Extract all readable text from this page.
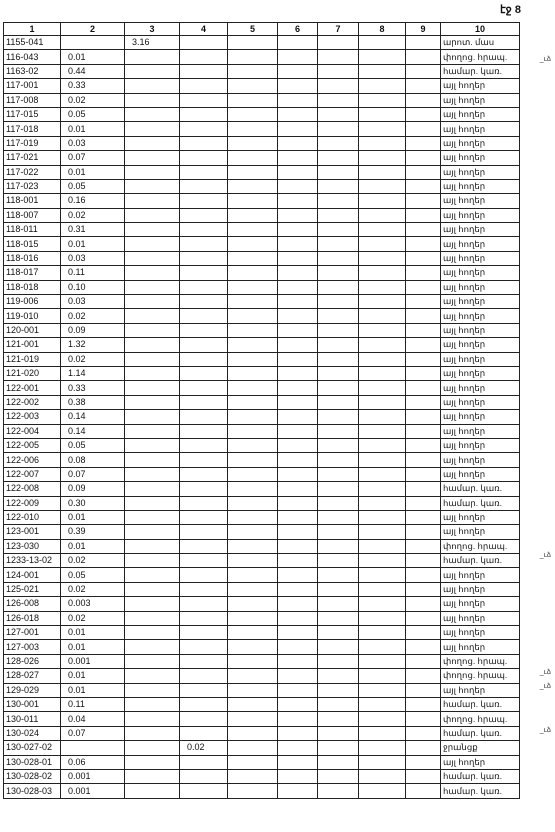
էջ 8
1	2	3	4	5	6	7	8	9	10
1155-041		3.16							արոտ. մաս
116-043	0.01								փողոց. հրապ.
1163-02	0.44								համար. կառ.
117-001	0.33								այլ հողեր
117-008	0.02								այլ հողեր
117-015	0.05								այլ հողեր
117-018	0.01								այլ հողեր
117-019	0.03								այլ հողեր
117-021	0.07								այլ հողեր
117-022	0.01								այլ հողեր
117-023	0.05								այլ հողեր
118-001	0.16								այլ հողեր
118-007	0.02								այլ հողեր
118-011	0.31								այլ հողեր
118-015	0.01								այլ հողեր
118-016	0.03								այլ հողեր
118-017	0.11								այլ հողեր
118-018	0.10								այլ հողեր
119-006	0.03								այլ հողեր
119-010	0.02								այլ հողեր
120-001	0.09								այլ հողեր
121-001	1.32								այլ հողեր
121-019	0.02								այլ հողեր
121-020	1.14								այլ հողեր
122-001	0.33								այլ հողեր
122-002	0.38								այլ հողեր
122-003	0.14								այլ հողեր
122-004	0.14								այլ հողեր
122-005	0.05								այլ հողեր
122-006	0.08								այլ հողեր
122-007	0.07								այլ հողեր
122-008	0.09								համար. կառ.
122-009	0.30								համար. կառ.
122-010	0.01								այլ հողեր
123-001	0.39								այլ հողեր
123-030	0.01								փողոց. հրապ.
1233-13-02	0.02								համար. կառ.
124-001	0.05								այլ հողեր
125-021	0.02								այլ հողեր
126-008	0.003								այլ հողեր
126-018	0.02								այլ հողեր
127-001	0.01								այլ հողեր
127-003	0.01								այլ հողեր
128-026	0.001								փողոց. հրապ.
128-027	0.01								փողոց. հրապ.
129-029	0.01								այլ հողեր
130-001	0.11								համար. կառ.
130-011	0.04								փողոց. հրապ.
130-024	0.07								համար. կառ.
130-027-02			0.02						ջրանցք
130-028-01	0.06								այլ հողեր
130-028-02	0.001								համար. կառ.
130-028-03	0.001								համար. կառ.
_ւձ
_ւձ
_ւձ
_ւձ
_ւձ
